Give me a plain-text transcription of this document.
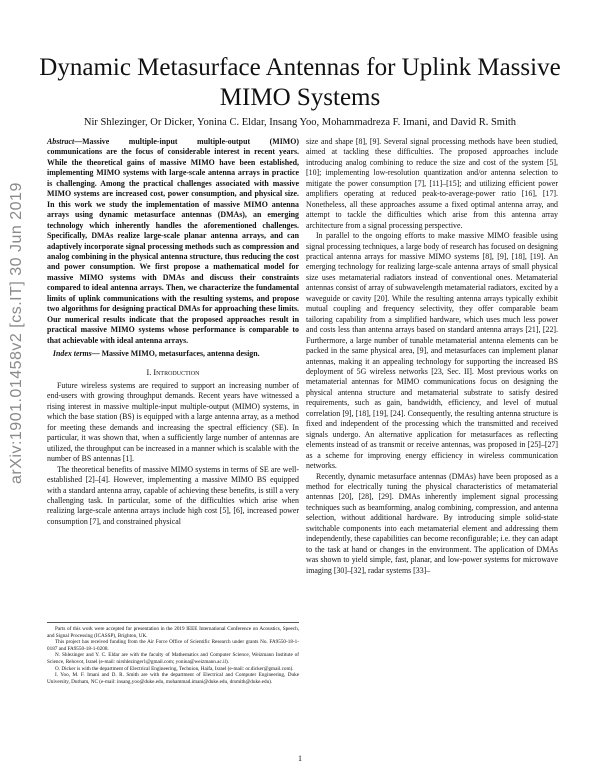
Dynamic Metasurface Antennas for Uplink Massive MIMO Systems
Nir Shlezinger, Or Dicker, Yonina C. Eldar, Insang Yoo, Mohammadreza F. Imani, and David R. Smith
arXiv:1901.01458v2 [cs.IT] 30 Jun 2019
Abstract—Massive multiple-input multiple-output (MIMO) communications are the focus of considerable interest in recent years. While the theoretical gains of massive MIMO have been established, implementing MIMO systems with large-scale antenna arrays in practice is challenging. Among the practical challenges associated with massive MIMO systems are increased cost, power consumption, and physical size. In this work we study the implementation of massive MIMO antenna arrays using dynamic metasurface antennas (DMAs), an emerging technology which inherently handles the aforementioned challenges. Specifically, DMAs realize large-scale planar antenna arrays, and can adaptively incorporate signal processing methods such as compression and analog combining in the physical antenna structure, thus reducing the cost and power consumption. We first propose a mathematical model for massive MIMO systems with DMAs and discuss their constraints compared to ideal antenna arrays. Then, we characterize the fundamental limits of uplink communications with the resulting systems, and propose two algorithms for designing practical DMAs for approaching these limits. Our numerical results indicate that the proposed approaches result in practical massive MIMO systems whose performance is comparable to that achievable with ideal antenna arrays.
Index terms— Massive MIMO, metasurfaces, antenna design.
I. Introduction

Future wireless systems are required to support an increasing number of end-users with growing throughput demands. Recent years have witnessed a rising interest in massive multiple-input multiple-output (MIMO) systems, in which the base station (BS) is equipped with a large antenna array, as a method for meeting these demands and increasing the spectral efficiency (SE). In particular, it was shown that, when a sufficiently large number of antennas are utilized, the throughput can be increased in a manner which is scalable with the number of BS antennas [1].

The theoretical benefits of massive MIMO systems in terms of SE are well-established [2]–[4]. However, implementing a massive MIMO BS equipped with a standard antenna array, capable of achieving these benefits, is still a very challenging task. In particular, some of the difficulties which arise when realizing large-scale antenna arrays include high cost [5], [6], increased power consumption [7], and constrained physical

Parts of this work were accepted for presentation in the 2019 IEEE International Conference on Acoustics, Speech, and Signal Processing (ICASSP), Brighton, UK.

This project has received funding from the Air Force Office of Scientific Research under grants No. FA9550-18-1-0187 and FA9550-18-1-0208.

N. Shlezinger and Y. C. Eldar are with the faculty of Mathematics and Computer Science, Weizmann Institute of Science, Rehovot, Israel (e-mail: nirshlezinger1@gmail.com; yonina@weizmann.ac.il).

O. Dicker is with the department of Electrical Engineering, Technion, Haifa, Israel (e-mail: or.dicker@gmail.com).

I. Yoo, M. F. Imani and D. R. Smith are with the department of Electrical and Computer Engineering, Duke University, Durham, NC (e-mail: insang.yoo@duke.edu, mohammad.imani@duke.edu, drsmith@duke.edu).

size and shape [8], [9]. Several signal processing methods have been studied, aimed at tackling these difficulties. The proposed approaches include introducing analog combining to reduce the size and cost of the system [5], [10]; implementing low-resolution quantization and/or antenna selection to mitigate the power consumption [7], [11]–[15]; and utilizing efficient power amplifiers operating at reduced peak-to-average-power ratio [16], [17]. Nonetheless, all these approaches assume a fixed optimal antenna array, and attempt to tackle the difficulties which arise from this antenna array architecture from a signal processing perspective.

In parallel to the ongoing efforts to make massive MIMO feasible using signal processing techniques, a large body of research has focused on designing practical antenna arrays for massive MIMO systems [8], [9], [18], [19]. An emerging technology for realizing large-scale antenna arrays of small physical size uses metamaterial radiators instead of conventional ones. Metamaterial antennas consist of array of subwavelength metamaterial radiators, excited by a waveguide or cavity [20]. While the resulting antenna arrays typically exhibit mutual coupling and frequency selectivity, they offer comparable beam tailoring capability from a simplified hardware, which uses much less power and costs less than antenna arrays based on standard antenna arrays [21], [22]. Furthermore, a large number of tunable metamaterial antenna elements can be packed in the same physical area, [9], and metasurfaces can implement planar antennas, making it an appealing technology for supporting the increased BS deployment of 5G wireless networks [23, Sec. II]. Most previous works on metamaterial antennas for MIMO communications focus on designing the physical antenna structure and metamaterial substrate to satisfy desired requirements, such as gain, bandwidth, efficiency, and level of mutual correlation [9], [18], [19], [24]. Consequently, the resulting antenna structure is fixed and independent of the processing which the transmitted and received signals undergo. An alternative application for metasurfaces as reflecting elements instead of as transmit or receive antennas, was proposed in [25]–[27] as a scheme for improving energy efficiency in wireless communication networks.

Recently, dynamic metasurface antennas (DMAs) have been proposed as a method for electrically tuning the physical characteristics of metamaterial antennas [20], [28], [29]. DMAs inherently implement signal processing techniques such as beamforming, analog combining, compression, and antenna selection, without additional hardware. By introducing simple solid-state switchable components into each metamaterial element and addressing them independently, these capabilities can become reconfigurable; i.e. they can adapt to the task at hand or changes in the environment. The application of DMAs was shown to yield simple, fast, planar, and low-power systems for microwave imaging [30]–[32], radar systems [33]–

1
